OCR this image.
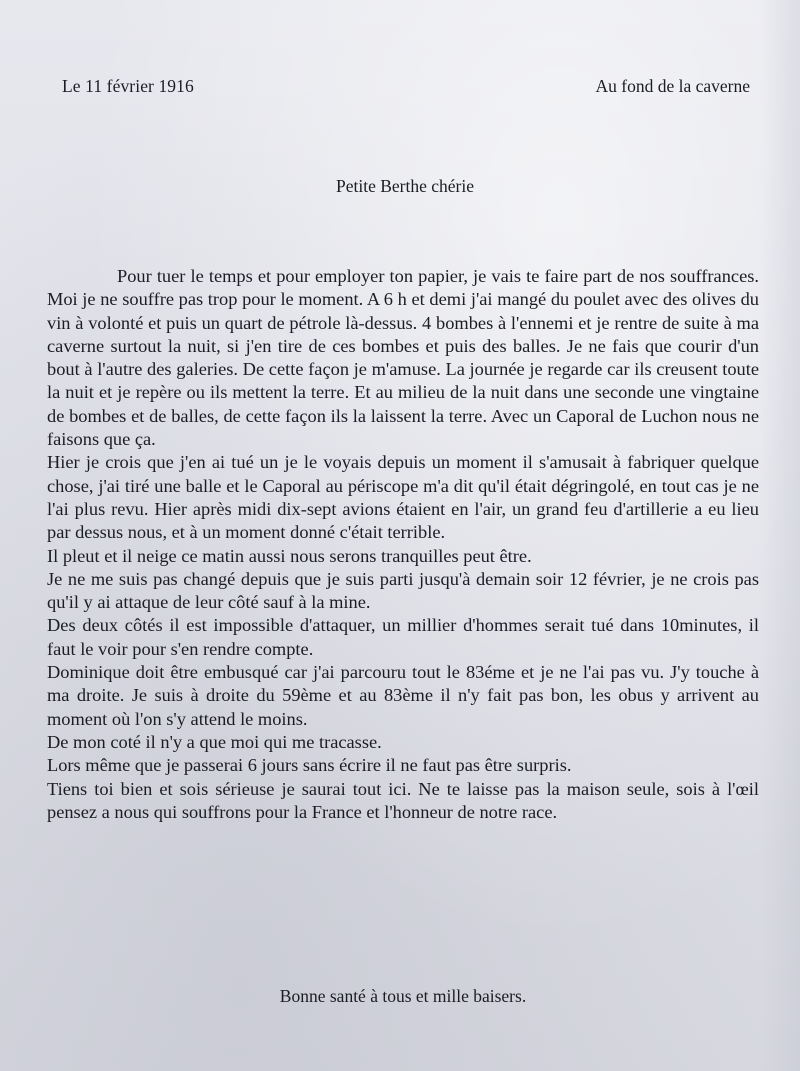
Le 11 février 1916	Au fond de la caverne
Petite Berthe chérie

Pour tuer le temps et pour employer ton papier, je vais te faire part de nos souffrances. Moi je ne souffre pas trop pour le moment. A 6 h et demi j'ai mangé du poulet avec des olives du vin à volonté et puis un quart de pétrole là-dessus. 4 bombes à l'ennemi et je rentre de suite à ma caverne surtout la nuit, si j'en tire de ces bombes et puis des balles. Je ne fais que courir d'un bout à l'autre des galeries. De cette façon je m'amuse. La journée je regarde car ils creusent toute la nuit et je repère ou ils mettent la terre. Et au milieu de la nuit dans une seconde une vingtaine de bombes et de balles, de cette façon ils la laissent la terre. Avec un Caporal de Luchon nous ne faisons que ça.

Hier je crois que j'en ai tué un je le voyais depuis un moment il s'amusait à fabriquer quelque chose, j'ai tiré une balle et le Caporal au périscope m'a dit qu'il était dégringolé, en tout cas je ne l'ai plus revu. Hier après midi dix-sept avions étaient en l'air, un grand feu d'artillerie a eu lieu par dessus nous, et à un moment donné c'était terrible.

Il pleut et il neige ce matin aussi nous serons tranquilles peut être.

Je ne me suis pas changé depuis que je suis parti jusqu'à demain soir 12 février, je ne crois pas qu'il y ai attaque de leur côté sauf à la mine.

Des deux côtés il est impossible d'attaquer, un millier d'hommes serait tué dans 10minutes, il faut le voir pour s'en rendre compte.

Dominique doit être embusqué car j'ai parcouru tout le 83éme et je ne l'ai pas vu. J'y touche à ma droite. Je suis à droite du 59ème et au 83ème il n'y fait pas bon, les obus y arrivent au moment où l'on s'y attend le moins.

De mon coté il n'y a que moi qui me tracasse.

Lors même que je passerai 6 jours sans écrire il ne faut pas être surpris.

Tiens toi bien et sois sérieuse je saurai tout ici. Ne te laisse pas la maison seule, sois à l'œil pensez a nous qui souffrons pour la France et l'honneur de notre race.

Bonne santé à tous et mille baisers.
